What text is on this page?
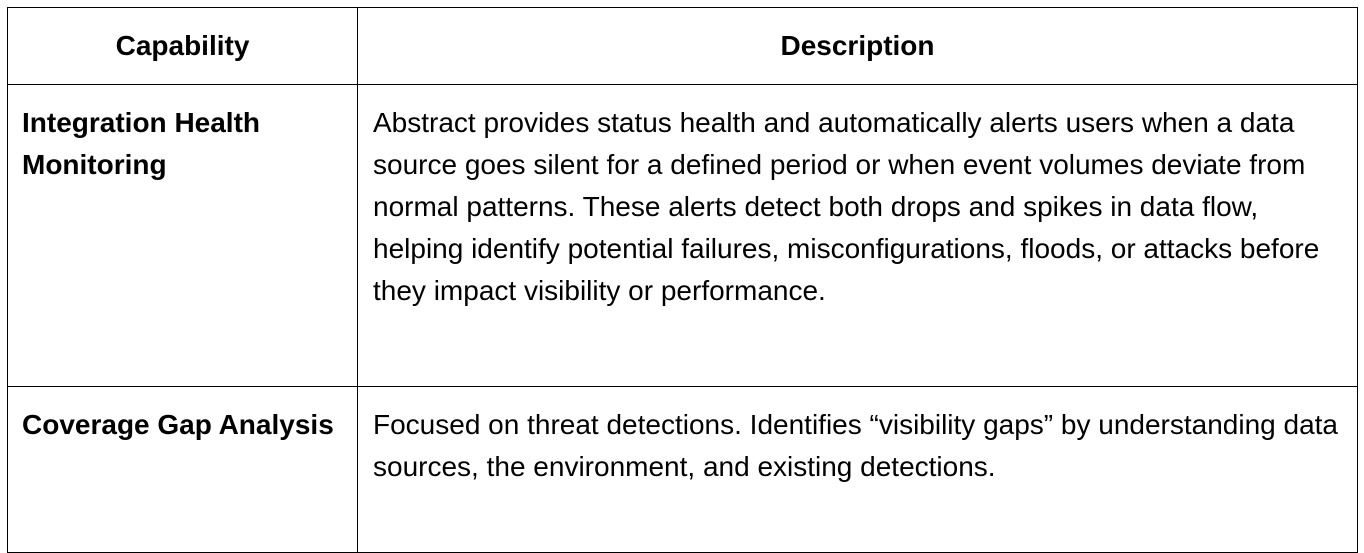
Capability	Description
Integration Health Monitoring	Abstract provides status health and automatically alerts users when a data source goes silent for a defined period or when event volumes deviate from normal patterns. These alerts detect both drops and spikes in data flow, helping identify potential failures, misconfigurations, floods, or attacks before they impact visibility or performance.
Coverage Gap Analysis	Focused on threat detections. Identifies “visibility gaps” by understanding data sources, the environment, and existing detections.
